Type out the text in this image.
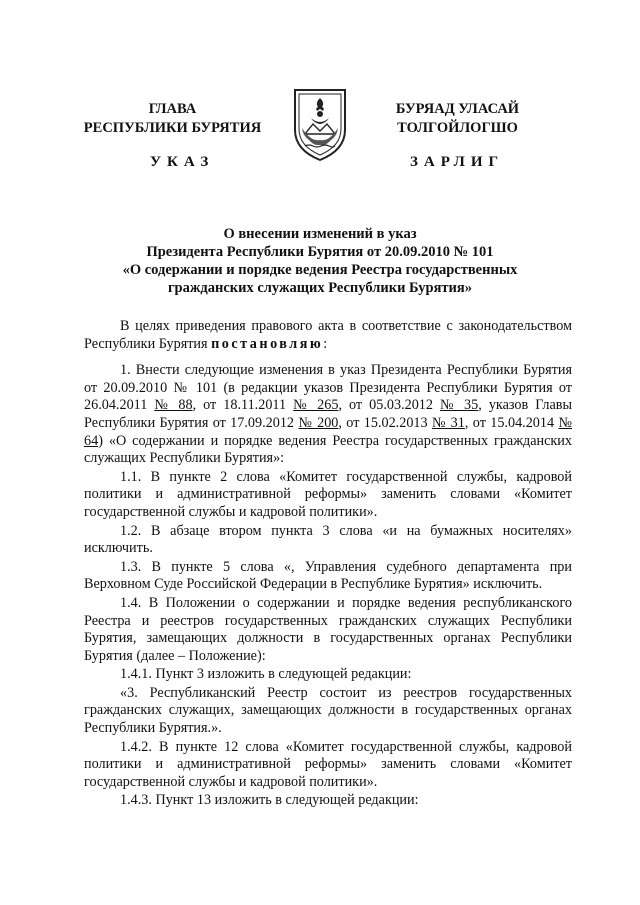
ГЛАВА
РЕСПУБЛИКИ БУРЯТИЯ
УКАЗ
БУРЯАД УЛАСАЙ
ТОЛГОЙЛОГШО
ЗАРЛИГ
О внесении изменений в указ
Президента Республики Бурятия от 20.09.2010 № 101
«О содержании и порядке ведения Реестра государственных
гражданских служащих Республики Бурятия»

В целях приведения правового акта в соответствие с законодательством Республики Бурятия постановляю:

1. Внести следующие изменения в указ Президента Республики Бурятия от 20.09.2010 № 101 (в редакции указов Президента Республики Бурятия от 26.04.2011 № 88, от 18.11.2011 № 265, от 05.03.2012 № 35, указов Главы Республики Бурятия от 17.09.2012 № 200, от 15.02.2013 № 31, от 15.04.2014 № 64) «О содержании и порядке ведения Реестра государственных гражданских служащих Республики Бурятия»:

1.1. В пункте 2 слова «Комитет государственной службы, кадровой политики и административной реформы» заменить словами «Комитет государственной службы и кадровой политики».

1.2. В абзаце втором пункта 3 слова «и на бумажных носителях» исключить.

1.3. В пункте 5 слова «, Управления судебного департамента при Верховном Суде Российской Федерации в Республике Бурятия» исключить.

1.4. В Положении о содержании и порядке ведения республиканского Реестра и реестров государственных гражданских служащих Республики Бурятия, замещающих должности в государственных органах Республики Бурятия (далее – Положение):

1.4.1. Пункт 3 изложить в следующей редакции:

«3. Республиканский Реестр состоит из реестров государственных гражданских служащих, замещающих должности в государственных органах Республики Бурятия.».

1.4.2. В пункте 12 слова «Комитет государственной службы, кадровой политики и административной реформы» заменить словами «Комитет государственной службы и кадровой политики».

1.4.3. Пункт 13 изложить в следующей редакции:
